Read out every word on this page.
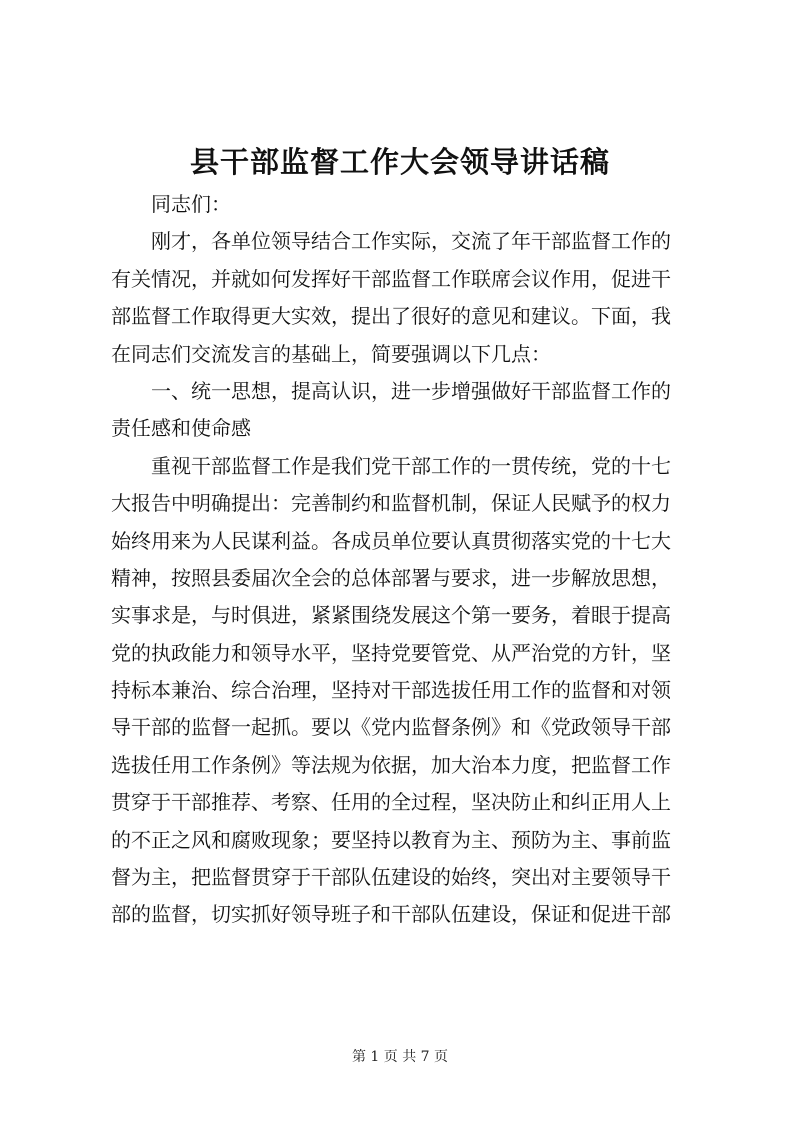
县干部监督工作大会领导讲话稿
同志们：
刚才，各单位领导结合工作实际，交流了年干部监督工作的
有关情况，并就如何发挥好干部监督工作联席会议作用，促进干
部监督工作取得更大实效，提出了很好的意见和建议。下面，我
在同志们交流发言的基础上，简要强调以下几点：
一、统一思想，提高认识，进一步增强做好干部监督工作的
责任感和使命感
重视干部监督工作是我们党干部工作的一贯传统，党的十七
大报告中明确提出：完善制约和监督机制，保证人民赋予的权力
始终用来为人民谋利益。各成员单位要认真贯彻落实党的十七大
精神，按照县委届次全会的总体部署与要求，进一步解放思想，
实事求是，与时俱进，紧紧围绕发展这个第一要务，着眼于提高
党的执政能力和领导水平，坚持党要管党、从严治党的方针，坚
持标本兼治、综合治理，坚持对干部选拔任用工作的监督和对领
导干部的监督一起抓。要以《党内监督条例》和《党政领导干部
选拔任用工作条例》等法规为依据，加大治本力度，把监督工作
贯穿于干部推荐、考察、任用的全过程，坚决防止和纠正用人上
的不正之风和腐败现象；要坚持以教育为主、预防为主、事前监
督为主，把监督贯穿于干部队伍建设的始终，突出对主要领导干
部的监督，切实抓好领导班子和干部队伍建设，保证和促进干部
第 1 页 共 7 页
